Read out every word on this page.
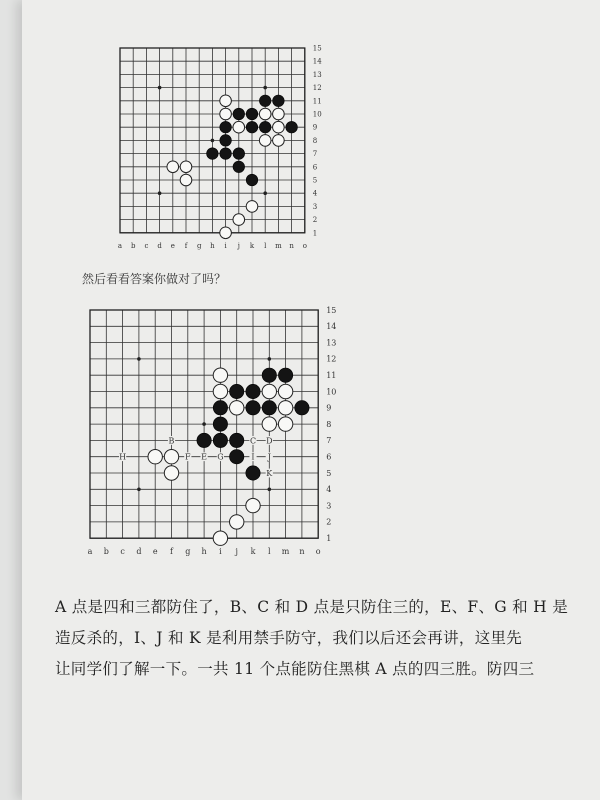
a b c d e f g h i j k l m n o
1
2
3
4
5
6
7
8
9
10
11
12
13
14
15
然后看看答案你做对了吗？
a b c d e f g h i j k l m n o
1
2
3
4
5
6
7
8
9
10
11
12
13
14
15
B	C D
E
F	G
H	I J
K

A 点是四和三都防住了，B、C 和 D 点是只防住三的，E、F、G 和 H 是

造反杀的，I、J 和 K 是利用禁手防守，我们以后还会再讲，这里先

让同学们了解一下。一共 11 个点能防住黑棋 A 点的四三胜。防四三
